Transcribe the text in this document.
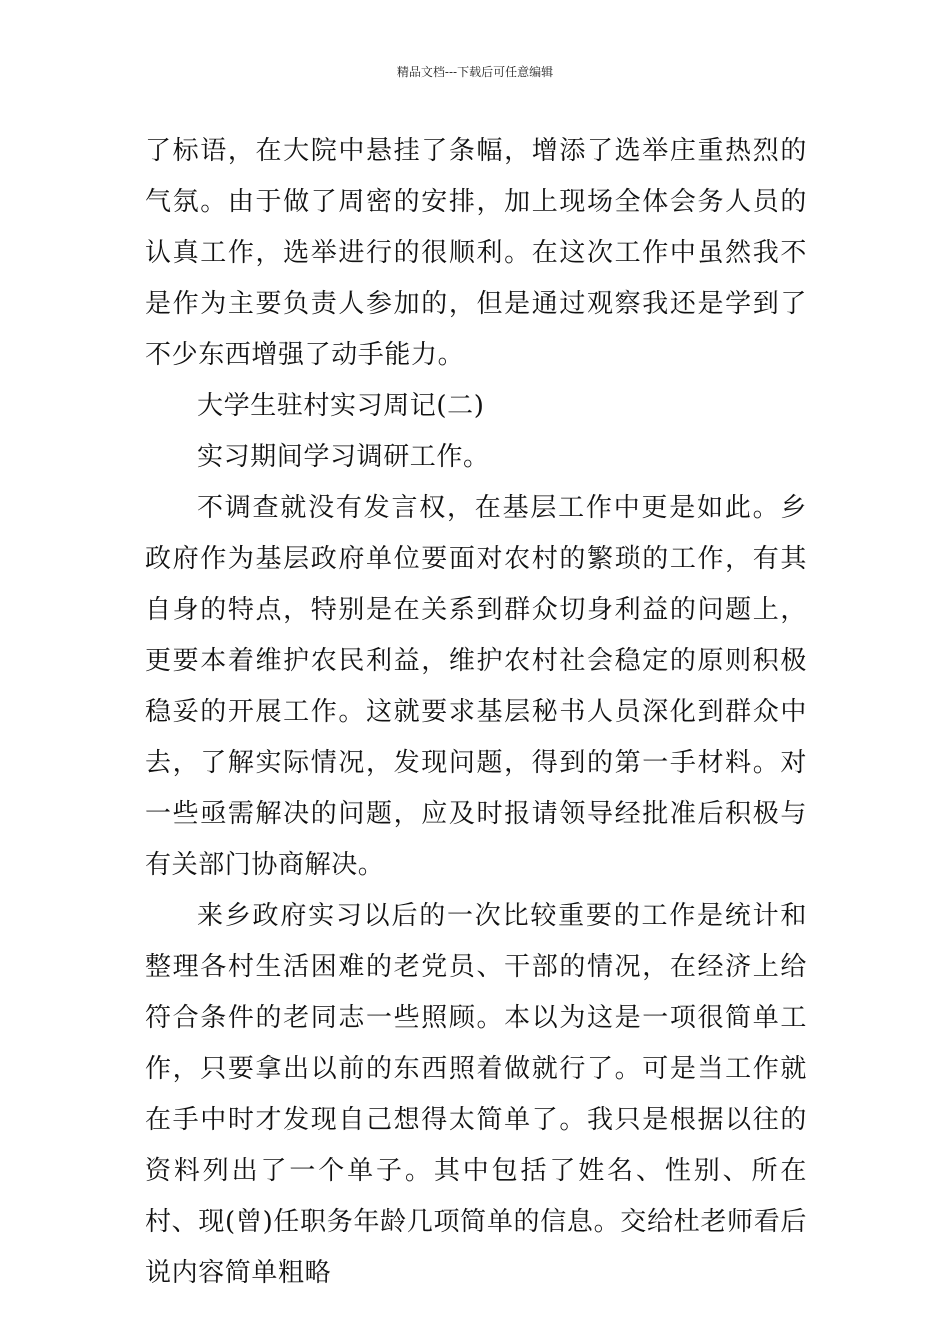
精品文档---下载后可任意编辑

了标语，在大院中悬挂了条幅，增添了选举庄重热烈的气氛。由于做了周密的安排，加上现场全体会务人员的认真工作，选举进行的很顺利。在这次工作中虽然我不是作为主要负责人参加的，但是通过观察我还是学到了不少东西增强了动手能力。

大学生驻村实习周记(二)

实习期间学习调研工作。

不调查就没有发言权，在基层工作中更是如此。乡政府作为基层政府单位要面对农村的繁琐的工作，有其自身的特点，特别是在关系到群众切身利益的问题上，更要本着维护农民利益，维护农村社会稳定的原则积极稳妥的开展工作。这就要求基层秘书人员深化到群众中去，了解实际情况，发现问题，得到的第一手材料。对一些亟需解决的问题，应及时报请领导经批准后积极与有关部门协商解决。

来乡政府实习以后的一次比较重要的工作是统计和整理各村生活困难的老党员、干部的情况，在经济上给符合条件的老同志一些照顾。本以为这是一项很简单工作，只要拿出以前的东西照着做就行了。可是当工作就在手中时才发现自己想得太简单了。我只是根据以往的资料列出了一个单子。其中包括了姓名、性别、所在村、现(曾)任职务年龄几项简单的信息。交给杜老师看后说内容简单粗略
